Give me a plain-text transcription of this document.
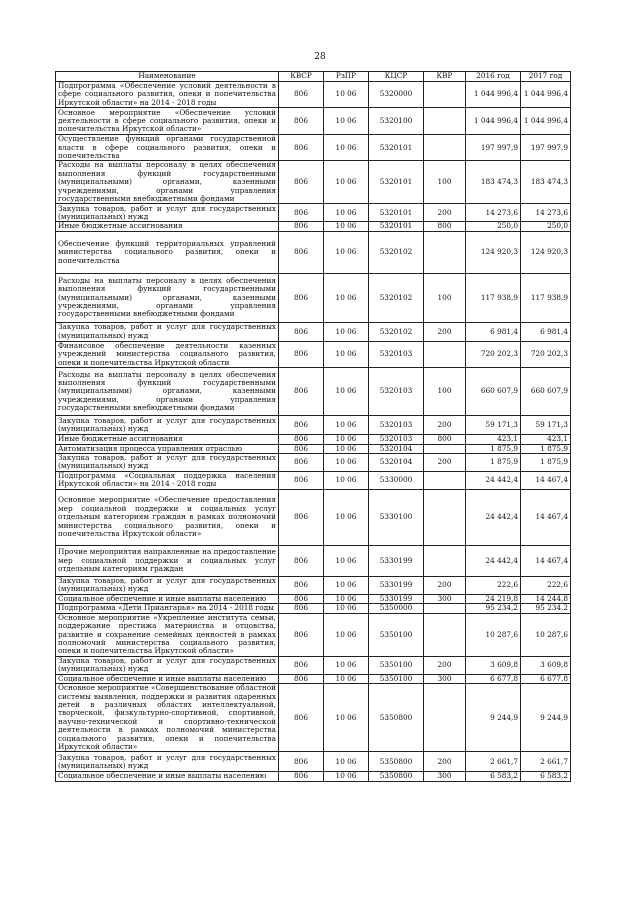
28
Наименование	КВСР	РзПР	КЦСР	КВР	2016 год	2017 год
Подпрограмма «Обеспечение условий деятельности в сфере социального развития, опеки и попечительства Иркутской области» на 2014 - 2018 годы	806	10 06	5320000		1 044 996,4	1 044 996,4
Основное мероприятие «Обеспечение условий деятельности в сфере социального развития, опеки и попечительства Иркутской области»	806	10 06	5320100		1 044 996,4	1 044 996,4
Осуществление функций органами государственной власти в сфере социального развития, опеки и попечительства	806	10 06	5320101		197 997,9	197 997,9
Расходы на выплаты персоналу в целях обеспечения выполнения функций государственными (муниципальными) органами, казенными учреждениями, органами управления государственными внебюджетными фондами	806	10 06	5320101	100	183 474,3	183 474,3
Закупка товаров, работ и услуг для государственных (муниципальных) нужд	806	10 06	5320101	200	14 273,6	14 273,6
Иные бюджетные ассигнования	806	10 06	5320101	800	250,0	250,0
Обеспечение функций территориальных управлений министерства социального развития, опеки и попечительства	806	10 06	5320102		124 920,3	124 920,3
Расходы на выплаты персоналу в целях обеспечения выполнения функций государственными (муниципальными) органами, казенными учреждениями, органами управления государственными внебюджетными фондами	806	10 06	5320102	100	117 938,9	117 938,9
Закупка товаров, работ и услуг для государственных (муниципальных) нужд	806	10 06	5320102	200	6 981,4	6 981,4
Финансовое обеспечение деятельности казенных учреждений министерства социального развития, опеки и попечительства Иркутской области	806	10 06	5320103		720 202,3	720 202,3
Расходы на выплаты персоналу в целях обеспечения выполнения функций государственными (муниципальными) органами, казенными учреждениями, органами управления государственными внебюджетными фондами	806	10 06	5320103	100	660 607,9	660 607,9
Закупка товаров, работ и услуг для государственных (муниципальных) нужд	806	10 06	5320103	200	59 171,3	59 171,3
Иные бюджетные ассигнования	806	10 06	5320103	800	423,1	423,1
Автоматизация процесса управления отраслью	806	10 06	5320104		1 875,9	1 875,9
Закупка товаров, работ и услуг для государственных (муниципальных) нужд	806	10 06	5320104	200	1 875,9	1 875,9
Подпрограмма «Социальная поддержка населения Иркутской области» на 2014 - 2018 годы	806	10 06	5330000		24 442,4	14 467,4
Основное мероприятие «Обеспечение предоставления мер социальной поддержки и социальных услуг отдельным категориям граждан в рамках полномочий министерства социального развития, опеки и попечительства Иркутской области»	806	10 06	5330100		24 442,4	14 467,4
Прочие мероприятия направленные на предоставление мер социальной поддержки и социальных услуг отдельным категориям граждан	806	10 06	5330199		24 442,4	14 467,4
Закупка товаров, работ и услуг для государственных (муниципальных) нужд	806	10 06	5330199	200	222,6	222,6
Социальное обеспечение и иные выплаты населению	806	10 06	5330199	300	24 219,8	14 244,8
Подпрограмма «Дети Приангарья» на 2014 - 2018 годы	806	10 06	5350000		95 234,2	95 234,2
Основное мероприятие «Укрепление института семьи, поддержание престижа материнства и отцовства, развитие и сохранение семейных ценностей в рамках полномочий министерства социального развития, опеки и попечительства Иркутской области»	806	10 06	5350100		10 287,6	10 287,6
Закупка товаров, работ и услуг для государственных (муниципальных) нужд	806	10 06	5350100	200	3 609,8	3 609,8
Социальное обеспечение и иные выплаты населению	806	10 06	5350100	300	6 677,8	6 677,8
Основное мероприятие «Совершенствование областной системы выявления, поддержки и развития одаренных детей в различных областях интеллектуальной, творческой, физкультурно-спортивной, спортивной, научно-технической и спортивно-технической деятельности в рамках полномочий министерства социального развития, опеки и попечительства Иркутской области»	806	10 06	5350800		9 244,9	9 244,9
Закупка товаров, работ и услуг для государственных (муниципальных) нужд	806	10 06	5350800	200	2 661,7	2 661,7
Социальное обеспечение и иные выплаты населению	806	10 06	5350800	300	6 583,2	6 583,2
